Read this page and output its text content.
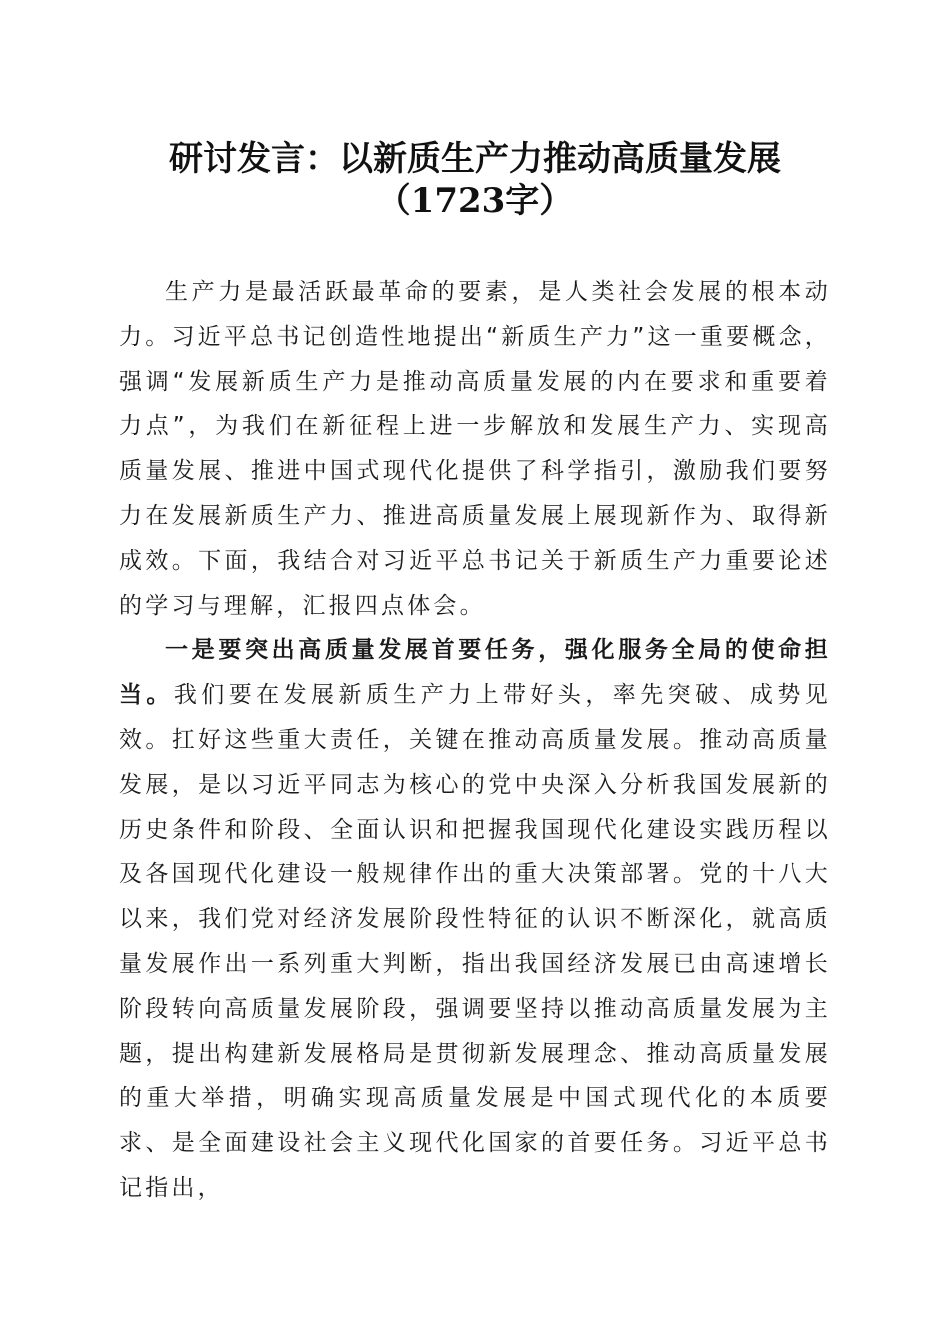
研讨发言：以新质生产力推动高质量发展
（1723字）

生产力是最活跃最革命的要素，是人类社会发展的根本动力。习近平总书记创造性地提出“新质生产力”这一重要概念，强调“发展新质生产力是推动高质量发展的内在要求和重要着力点”，为我们在新征程上进一步解放和发展生产力、实现高质量发展、推进中国式现代化提供了科学指引，激励我们要努力在发展新质生产力、推进高质量发展上展现新作为、取得新成效。下面，我结合对习近平总书记关于新质生产力重要论述的学习与理解，汇报四点体会。

一是要突出高质量发展首要任务，强化服务全局的使命担当。我们要在发展新质生产力上带好头，率先突破、成势见效。扛好这些重大责任，关键在推动高质量发展。推动高质量发展，是以习近平同志为核心的党中央深入分析我国发展新的历史条件和阶段、全面认识和把握我国现代化建设实践历程以及各国现代化建设一般规律作出的重大决策部署。党的十八大以来，我们党对经济发展阶段性特征的认识不断深化，就高质量发展作出一系列重大判断，指出我国经济发展已由高速增长阶段转向高质量发展阶段，强调要坚持以推动高质量发展为主题，提出构建新发展格局是贯彻新发展理念、推动高质量发展的重大举措，明确实现高质量发展是中国式现代化的本质要求、是全面建设社会主义现代化国家的首要任务。习近平总书记指出，
